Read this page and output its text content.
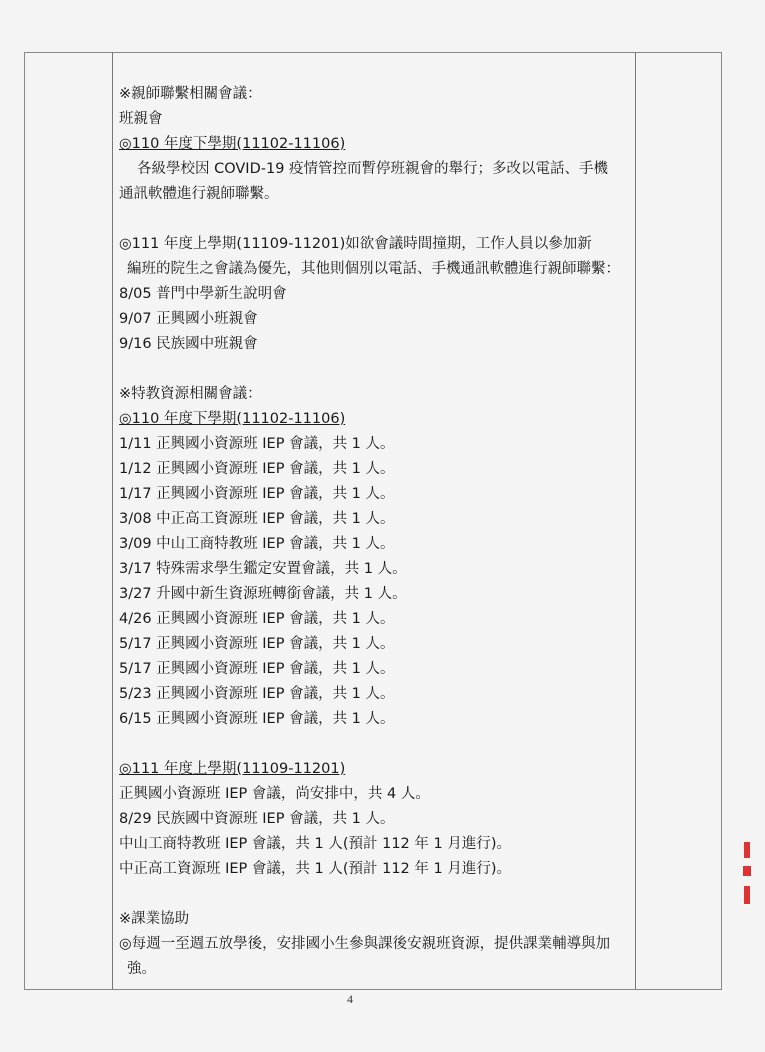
※親師聯繫相關會議：
班親會
◎110 年度下學期(11102-11106)
各級學校因 COVID-19 疫情管控而暫停班親會的舉行；多改以電話、手機
通訊軟體進行親師聯繫。
◎111 年度上學期(11109-11201)如欲會議時間撞期，工作人員以參加新
編班的院生之會議為優先，其他則個別以電話、手機通訊軟體進行親師聯繫：
8/05 普門中學新生說明會
9/07 正興國小班親會
9/16 民族國中班親會
※特教資源相關會議：
◎110 年度下學期(11102-11106)
1/11 正興國小資源班 IEP 會議，共 1 人。
1/12 正興國小資源班 IEP 會議，共 1 人。
1/17 正興國小資源班 IEP 會議，共 1 人。
3/08 中正高工資源班 IEP 會議，共 1 人。
3/09 中山工商特教班 IEP 會議，共 1 人。
3/17 特殊需求學生鑑定安置會議，共 1 人。
3/27 升國中新生資源班轉銜會議，共 1 人。
4/26 正興國小資源班 IEP 會議，共 1 人。
5/17 正興國小資源班 IEP 會議，共 1 人。
5/17 正興國小資源班 IEP 會議，共 1 人。
5/23 正興國小資源班 IEP 會議，共 1 人。
6/15 正興國小資源班 IEP 會議，共 1 人。
◎111 年度上學期(11109-11201)
正興國小資源班 IEP 會議，尚安排中，共 4 人。
8/29 民族國中資源班 IEP 會議，共 1 人。
中山工商特教班 IEP 會議，共 1 人(預計 112 年 1 月進行)。
中正高工資源班 IEP 會議，共 1 人(預計 112 年 1 月進行)。
※課業協助
◎每週一至週五放學後，安排國小生參與課後安親班資源，提供課業輔導與加
強。
4
